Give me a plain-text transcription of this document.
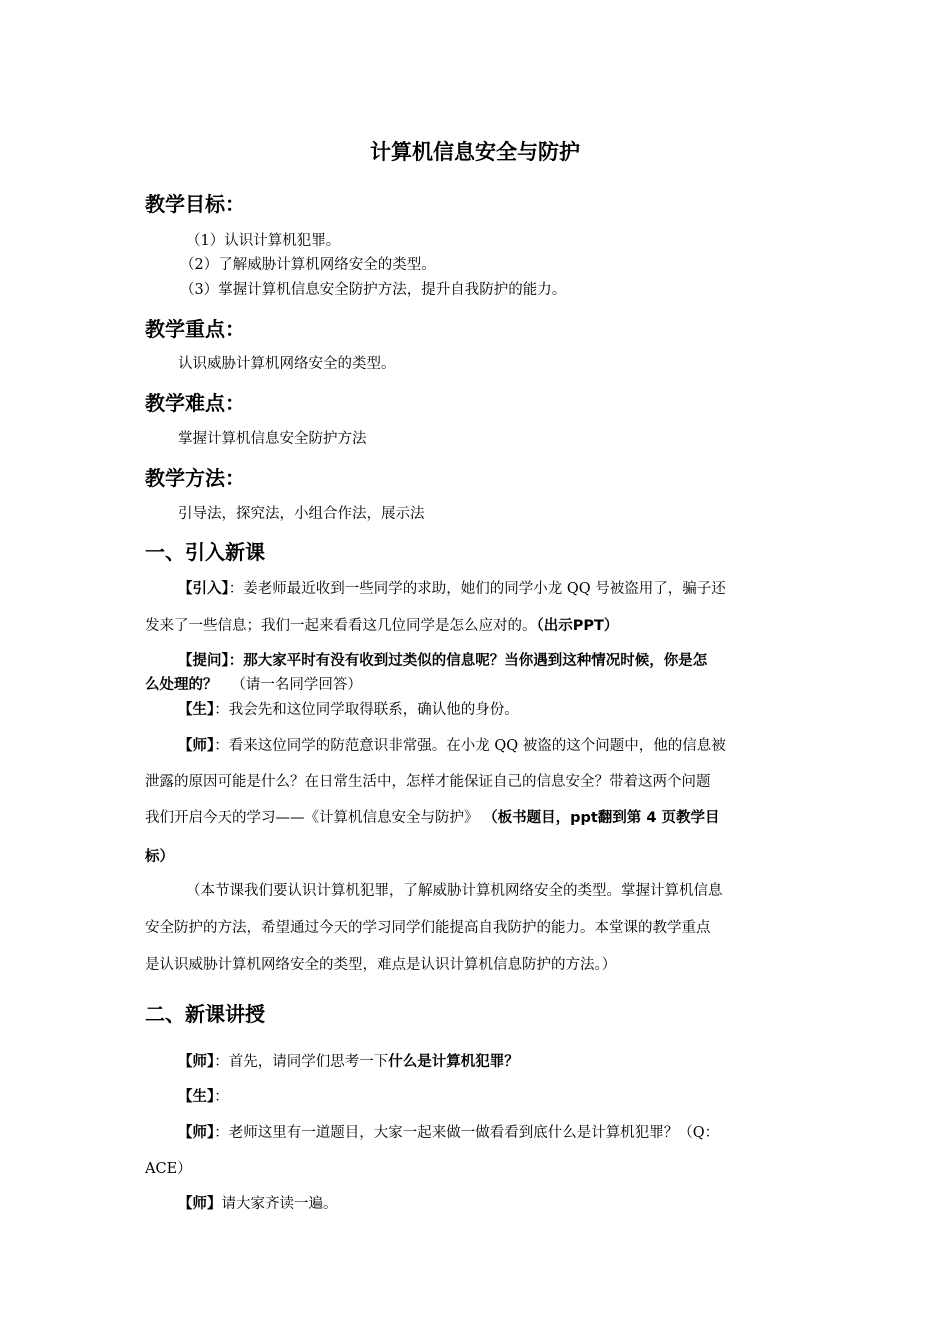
计算机信息安全与防护
教学目标：
（1）认识计算机犯罪。
（2）了解威胁计算机网络安全的类型。
（3）掌握计算机信息安全防护方法，提升自我防护的能力。
教学重点：
认识威胁计算机网络安全的类型。
教学难点：
掌握计算机信息安全防护方法
教学方法：
引导法，探究法，小组合作法，展示法
一、引入新课
【引入】：姜老师最近收到一些同学的求助，她们的同学小龙 QQ 号被盗用了，骗子还
发来了一些信息；我们一起来看看这几位同学是怎么应对的。（出示PPT）
【提问】：那大家平时有没有收到过类似的信息呢？当你遇到这种情况时候，你是怎
么处理的？ （请一名同学回答）
【生】：我会先和这位同学取得联系，确认他的身份。
【师】：看来这位同学的防范意识非常强。在小龙 QQ 被盗的这个问题中，他的信息被
泄露的原因可能是什么？在日常生活中，怎样才能保证自己的信息安全？带着这两个问题
我们开启今天的学习——《计算机信息安全与防护》 （板书题目，ppt翻到第 4 页教学目
标）
（本节课我们要认识计算机犯罪，了解威胁计算机网络安全的类型。掌握计算机信息
安全防护的方法，希望通过今天的学习同学们能提高自我防护的能力。本堂课的教学重点
是认识威胁计算机网络安全的类型，难点是认识计算机信息防护的方法。）
二、新课讲授
【师】：首先，请同学们思考一下什么是计算机犯罪？
【生】：
【师】：老师这里有一道题目，大家一起来做一做看看到底什么是计算机犯罪？（Q：
ACE）
【师】请大家齐读一遍。
